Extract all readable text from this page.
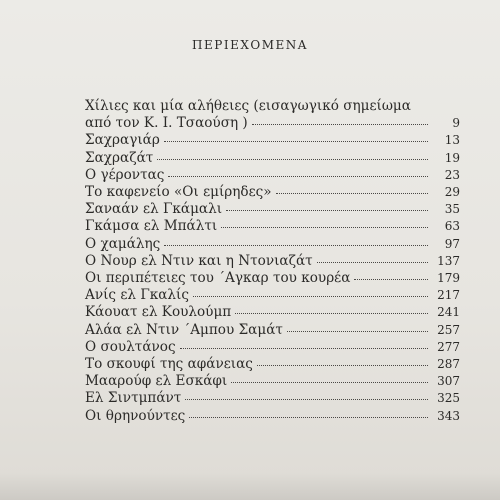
ΠΕΡΙΕΧΟΜΕΝΑ
Χίλιες και μία αλήθειες (εισαγωγικό σημείωμα
από τον Κ. Ι. Τσαούση )	9
Σαχραγιάρ	13
Σαχραζάτ	19
Ο γέροντας	23
Το καφενείο «Οι εμίρηδες»	29
Σαναάν ελ Γκάμαλι	35
Γκάμσα ελ Μπάλτι	63
Ο χαμάλης	97
Ο Νουρ ελ Ντιν και η Ντονιαζάτ	137
Οι περιπέτειες του ΄Αγκαρ του κουρέα	179
Ανίς ελ Γκαλίς	217
Κάουατ ελ Κουλούμπ	241
Αλάα ελ Ντιν ΄Αμπου Σαμάτ	257
Ο σουλτάνος	277
Το σκουφί της αφάνειας	287
Μααρούφ ελ Εσκάφι	307
Ελ Σιντμπάντ	325
Οι θρηνούντες	343
